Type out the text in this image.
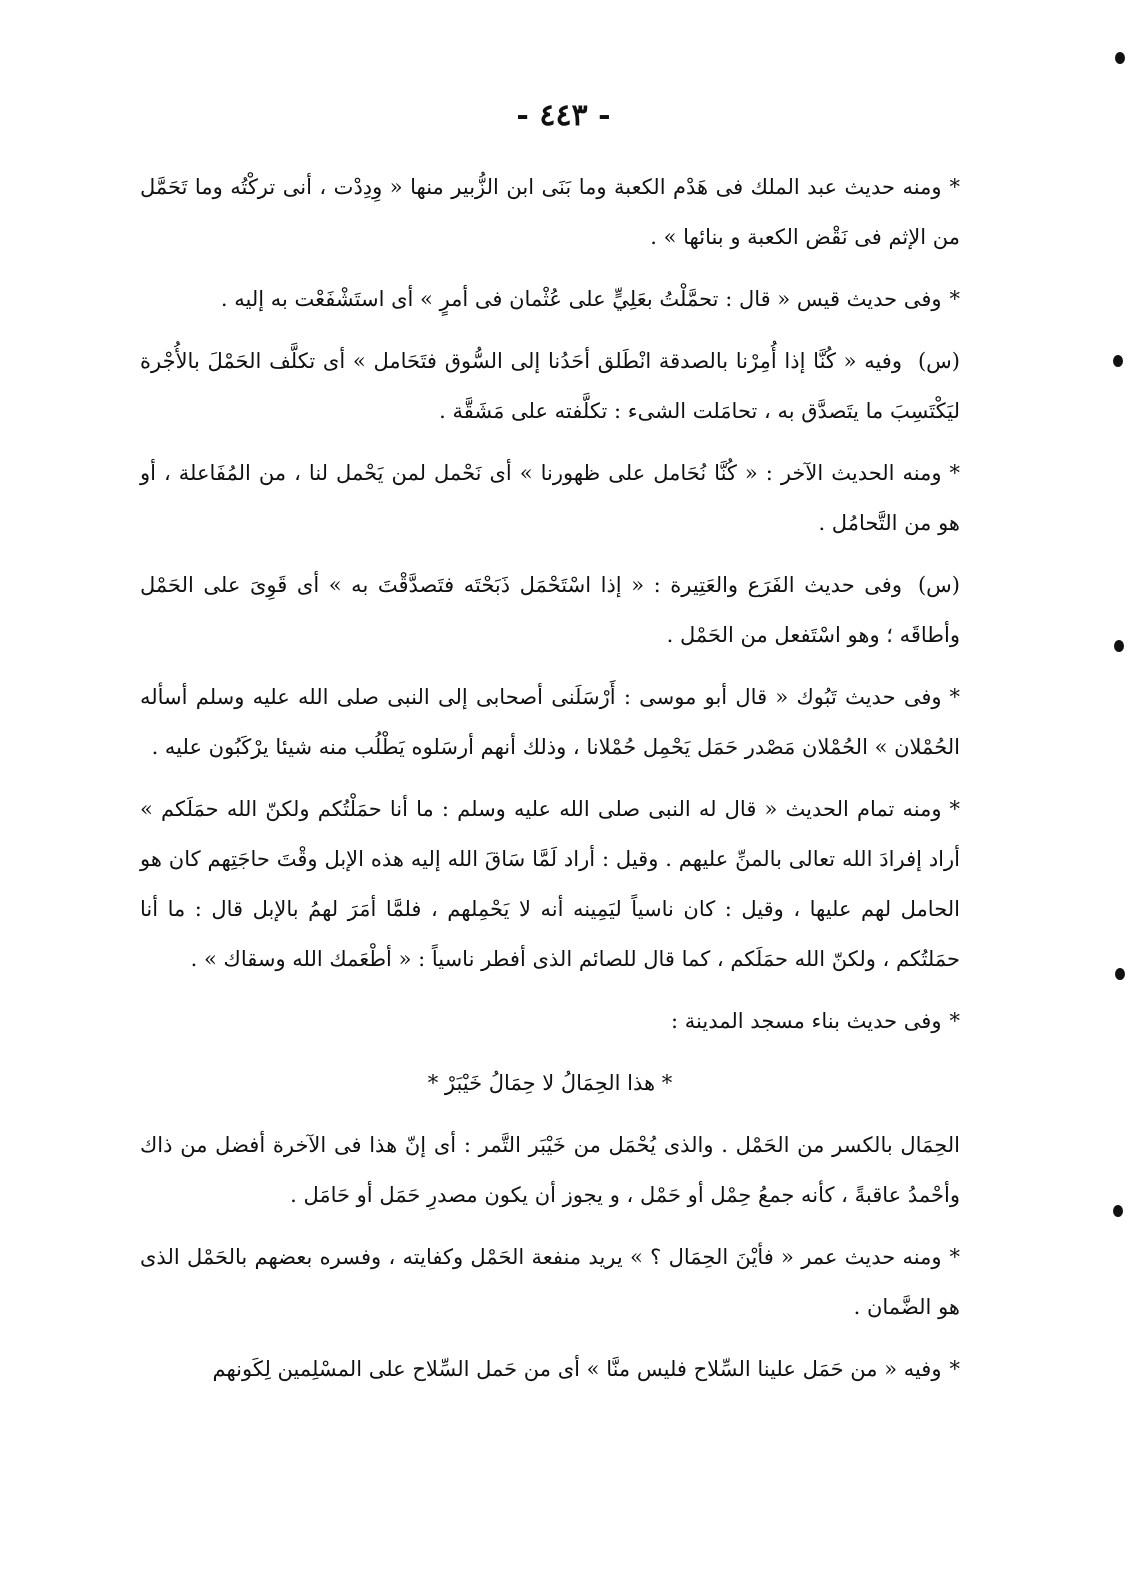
- ٤٤٣ -

*ومنه حديث عبد الملك فى هَدْم الكعبة وما بَنَى ابن الزُّبير منها « وِدِدْت ، أنى تركْتُه وما تَحَمَّل من الإثم فى نَقْض الكعبة و بنائها » .

*وفى حديث قيس « قال : تحمَّلْتُ بعَلِيٍّ على عُثْمان فى أمرٍ » أى استَشْفَعْت به إليه .

(س)وفيه « كُنَّا إذا أُمِرْنا بالصدقة انْطَلق أحَدُنا إلى السُّوق فتَحَامل » أى تكلَّف الحَمْلَ بالأُجْرة ليَكْتَسِبَ ما يتَصدَّق به ، تحامَلت الشىء : تكلَّفته على مَشَقَّة .

*ومنه الحديث الآخر : « كُنَّا نُحَامل على ظهورنا » أى نَحْمل لمن يَحْمل لنا ، من المُفَاعلة ، أو هو من التَّحامُل .

(س)وفى حديث الفَرَع والعَتِيرة : « إذا اسْتَحْمَل ذَبَحْتَه فتَصدَّقْتَ به » أى قَوِىَ على الحَمْل وأطاقَه ؛ وهو اسْتَفعل من الحَمْل .

*وفى حديث تَبُوك « قال أبو موسى : أَرْسَلَنى أصحابى إلى النبى صلى الله عليه وسلم أسأله الحُمْلان » الحُمْلان مَصْدر حَمَل يَحْمِل حُمْلانا ، وذلك أنهم أرسَلوه يَطْلُب منه شيئا يرْكَبُون عليه .

*ومنه تمام الحديث « قال له النبى صلى الله عليه وسلم : ما أنا حمَلْتُكم ولكنّ الله حمَلَكم » أراد إفرادَ الله تعالى بالمنِّ عليهم . وقيل : أراد لَمَّا سَاقَ الله إليه هذه الإبل وقْتَ حاجَتِهم كان هو الحامل لهم عليها ، وقيل : كان ناسياً ليَمِينه أنه لا يَحْمِلهم ، فلمَّا أمَرَ لهمُ بالإبل قال : ما أنا حمَلتُكم ، ولكنّ الله حمَلَكم ، كما قال للصائم الذى أفطر ناسياً : « أطْعَمك الله وسقاك » .

*وفى حديث بناء مسجد المدينة :

* هذا الحِمَالُ لا حِمَالُ خَيْبَرْ *

الحِمَال بالكسر من الحَمْل . والذى يُحْمَل من خَيْبَر التَّمر : أى إنّ هذا فى الآخرة أفضل من ذاك وأحْمدُ عاقبةً ، كأنه جمعُ حِمْل أو حَمْل ، و يجوز أن يكون مصدرِ حَمَل أو حَامَل .

*ومنه حديث عمر « فأيْنَ الحِمَال ؟ » يريد منفعة الحَمْل وكفايته ، وفسره بعضهم بالحَمْل الذى هو الضَّمان .

*وفيه « من حَمَل علينا السِّلاح فليس منَّا » أى من حَمل السِّلاح على المسْلِمين لِكَونهم
